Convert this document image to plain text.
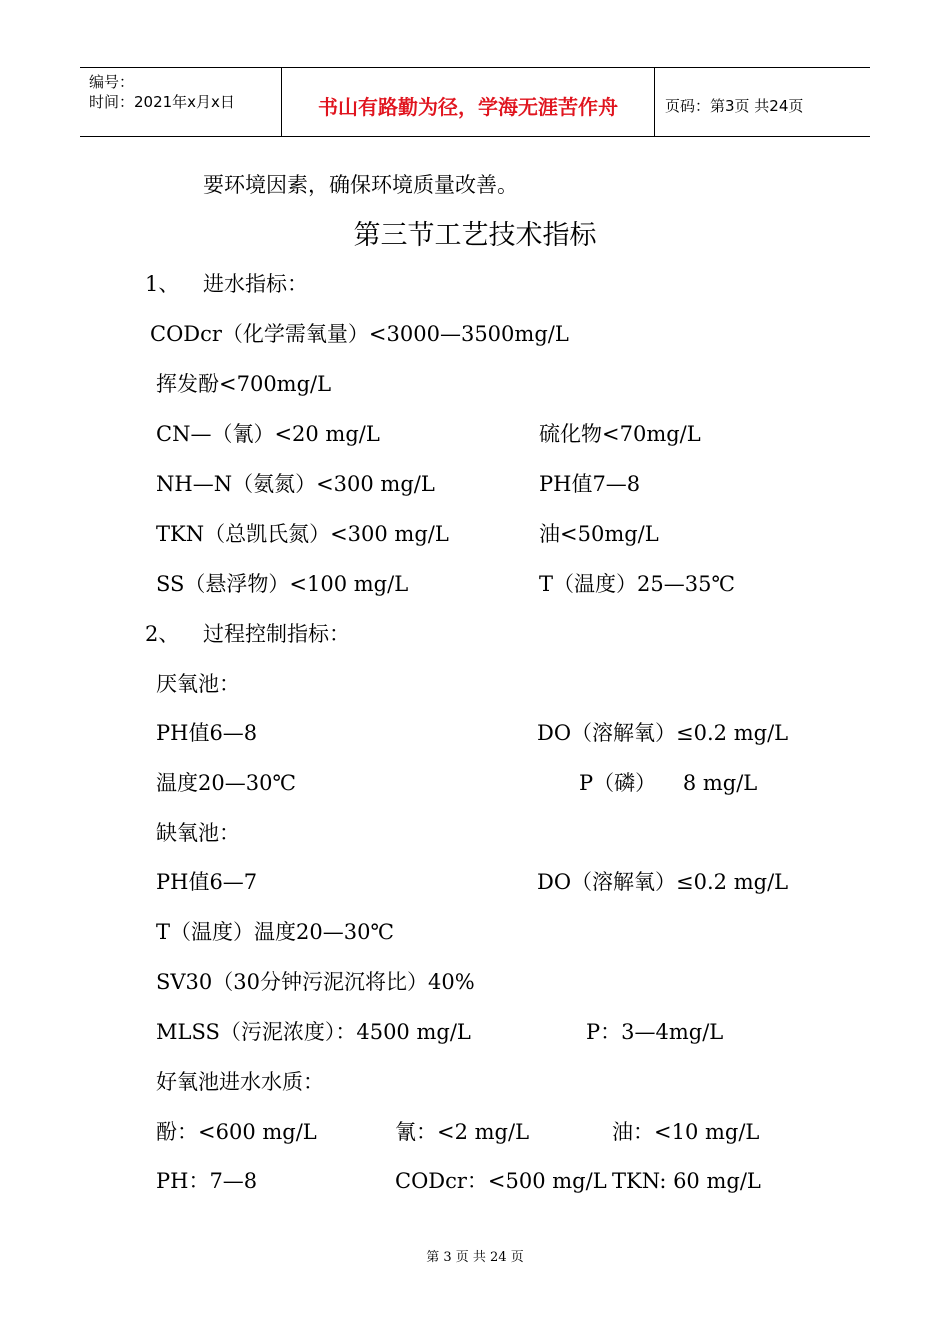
编号：
时间：2021年x月x日	书山有路勤为径，学海无涯苦作舟	页码：第3页 共24页
要环境因素，确保环境质量改善。
第三节工艺技术指标
1、 进水指标：
CODcr（化学需氧量）<3000—3500mg/L
挥发酚<700mg/L
CN—（氰）<20 mg/L	硫化物<70mg/L
NH—N（氨氮）<300 mg/L	PH值7—8
TKN（总凯氏氮）<300 mg/L	油<50mg/L
SS（悬浮物）<100 mg/L	T（温度）25—35℃
2、 过程控制指标：
厌氧池：
PH值6—8	DO（溶解氧）≤0.2 mg/L
温度20—30℃	P（磷）    8 mg/L
缺氧池：
PH值6—7	DO（溶解氧）≤0.2 mg/L
T（温度）温度20—30℃
SV30（30分钟污泥沉将比）40%
MLSS（污泥浓度）：4500 mg/L	P：3—4mg/L
好氧池进水水质：
酚：<600 mg/L	氰：<2 mg/L	油：<10 mg/L
PH：7—8	CODcr：<500 mg/L TKN: 60 mg/L
第 3 页 共 24 页
